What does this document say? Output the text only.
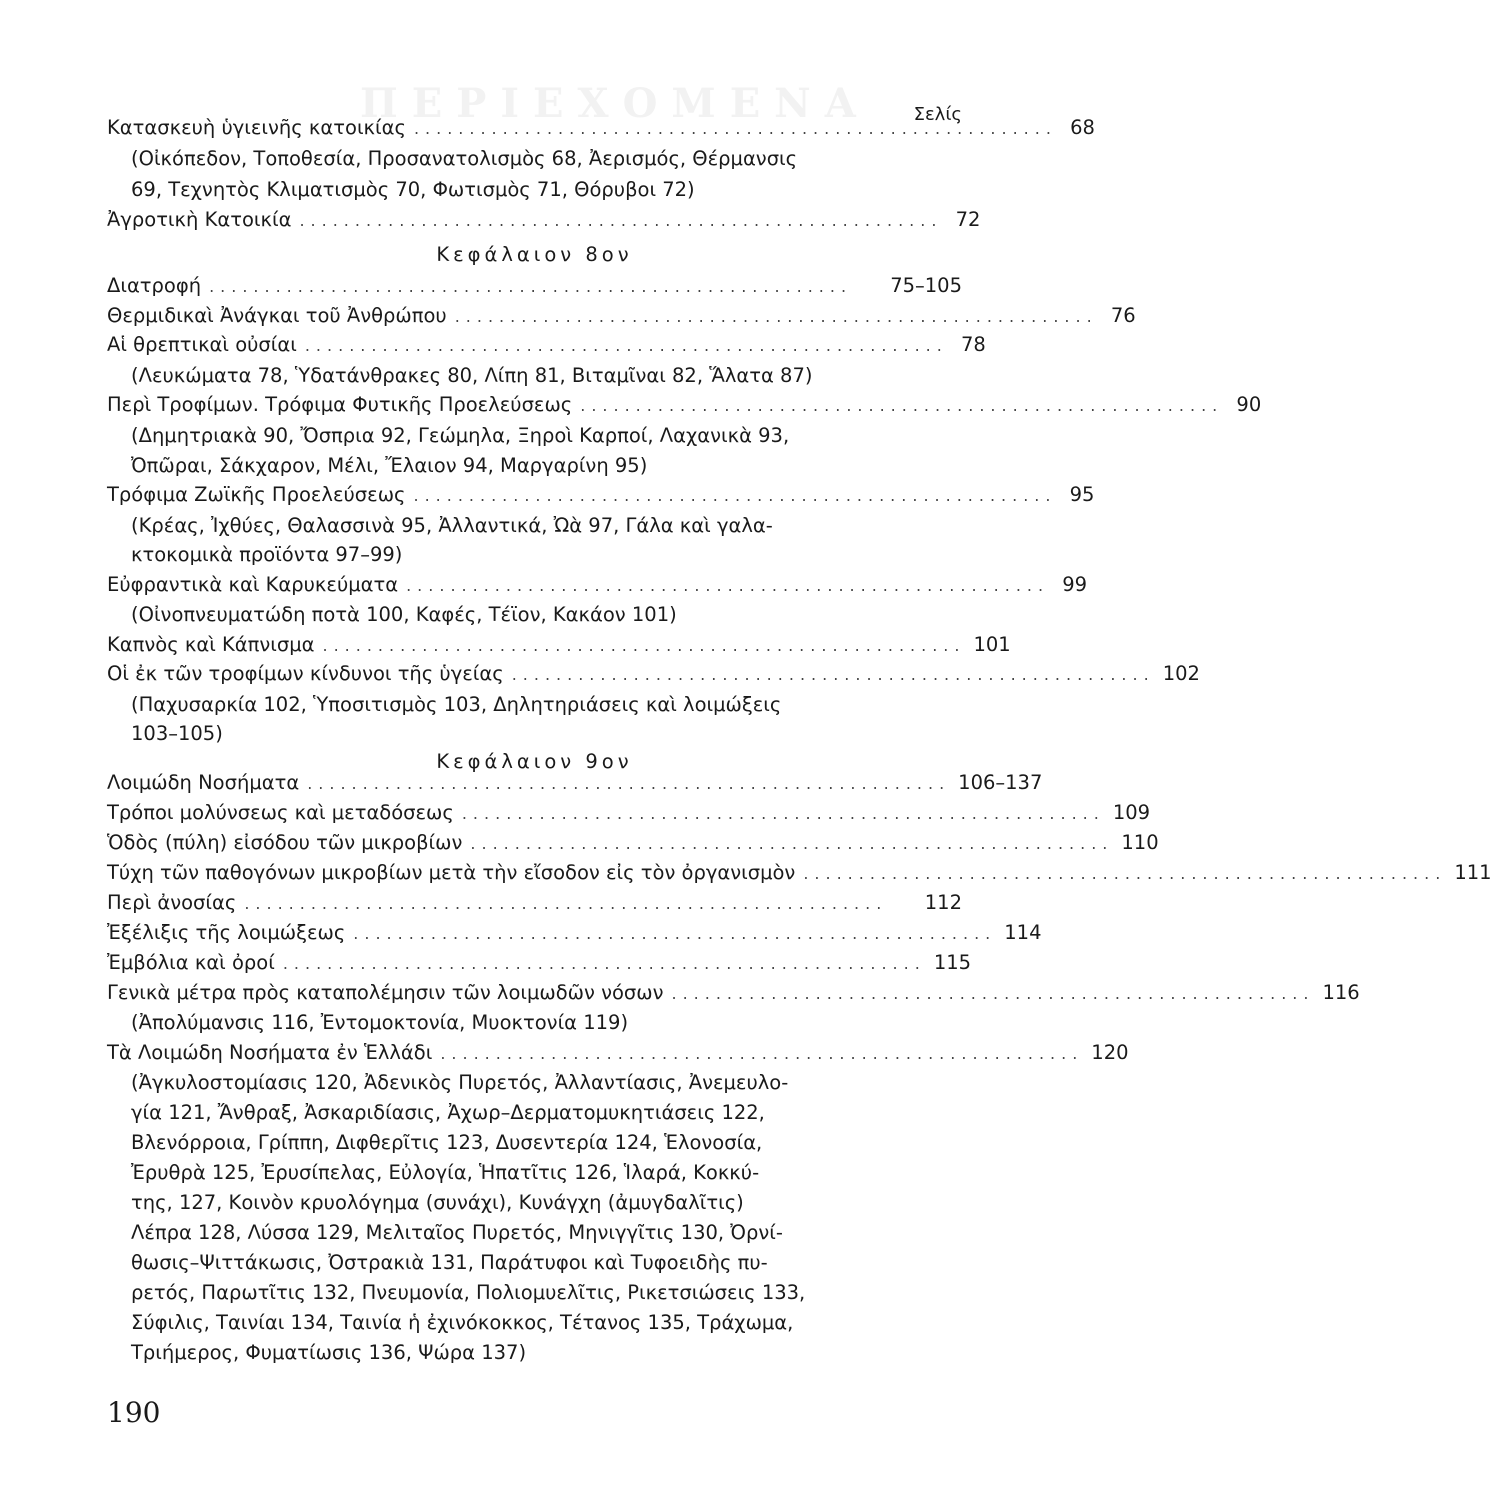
ΠΕΡΙΕΧΟΜΕΝΑ	Σελίς
Κατασκευὴ ὑγιεινῆς κατοικίας .......................................................... 68
(Οἰκόπεδον, Τοποθεσία, Προσανατολισμὸς 68, Ἀερισμός, Θέρμανσις
69, Τεχνητὸς Κλιματισμὸς 70, Φωτισμὸς 71, Θόρυβοι 72)
Ἀγροτικὴ Κατοικία .......................................................... 72
Κεφάλαιον 8ον
Διατροφή ..........................................................	75–105
Θερμιδικαὶ Ἀνάγκαι τοῦ Ἀνθρώπου .......................................................... 76
Αἱ θρεπτικαὶ οὐσίαι .......................................................... 78
(Λευκώματα 78, Ὑδατάνθρακες 80, Λίπη 81, Βιταμῖναι 82, Ἅλατα 87)
Περὶ Τροφίμων. Τρόφιμα Φυτικῆς Προελεύσεως .......................................................... 90
(Δημητριακὰ 90, Ὄσπρια 92, Γεώμηλα, Ξηροὶ Καρποί, Λαχανικὰ 93,
Ὀπῶραι, Σάκχαρον, Μέλι, Ἔλαιον 94, Μαργαρίνη 95)
Τρόφιμα Ζωϊκῆς Προελεύσεως .......................................................... 95
(Κρέας, Ἰχθύες, Θαλασσινὰ 95, Ἀλλαντικά, Ὠὰ 97, Γάλα καὶ γαλα-
κτοκομικὰ προϊόντα 97–99)
Εὐφραντικὰ καὶ Καρυκεύματα .......................................................... 99
(Οἰνοπνευματώδη ποτὰ 100, Καφές, Τέϊον, Κακάον 101)
Καπνὸς καὶ Κάπνισμα .......................................................... 101
Οἱ ἐκ τῶν τροφίμων κίνδυνοι τῆς ὑγείας .......................................................... 102
(Παχυσαρκία 102, Ὑποσιτισμὸς 103, Δηλητηριάσεις καὶ λοιμώξεις
103–105)
Κεφάλαιον 9ον
Λοιμώδη Νοσήματα .......................................................... 106–137
Τρόποι μολύνσεως καὶ μεταδόσεως .......................................................... 109
Ὁδὸς (πύλη) εἰσόδου τῶν μικροβίων .......................................................... 110
Τύχη τῶν παθογόνων μικροβίων μετὰ τὴν εἴσοδον εἰς τὸν ὀργανισμὸν .......................................................... 111
Περὶ ἀνοσίας ..........................................................	112
Ἐξέλιξις τῆς λοιμώξεως .......................................................... 114
Ἐμβόλια καὶ ὀροί .......................................................... 115
Γενικὰ μέτρα πρὸς καταπολέμησιν τῶν λοιμωδῶν νόσων .......................................................... 116
(Ἀπολύμανσις 116, Ἐντομοκτονία, Μυοκτονία 119)
Τὰ Λοιμώδη Νοσήματα ἐν Ἑλλάδι .......................................................... 120
(Ἀγκυλοστομίασις 120, Ἀδενικὸς Πυρετός, Ἀλλαντίασις, Ἀνεμευλο-
γία 121, Ἄνθραξ, Ἀσκαριδίασις, Ἀχωρ–Δερματομυκητιάσεις 122,
Βλενόρροια, Γρίππη, Διφθερῖτις 123, Δυσεντερία 124, Ἑλονοσία,
Ἐρυθρὰ 125, Ἐρυσίπελας, Εὐλογία, Ἡπατῖτις 126, Ἱλαρά, Κοκκύ-
της, 127, Κοινὸν κρυολόγημα (συνάχι), Κυνάγχη (ἀμυγδαλῖτις)
Λέπρα 128, Λύσσα 129, Μελιταῖος Πυρετός, Μηνιγγῖτις 130, Ὀρνί-
θωσις–Ψιττάκωσις, Ὀστρακιὰ 131, Παράτυφοι καὶ Τυφοειδὴς πυ-
ρετός, Παρωτῖτις 132, Πνευμονία, Πολιομυελῖτις, Ρικετσιώσεις 133,
Σύφιλις, Ταινίαι 134, Ταινία ἡ ἐχινόκοκκος, Τέτανος 135, Τράχωμα,
Τριήμερος, Φυματίωσις 136, Ψώρα 137)
190
